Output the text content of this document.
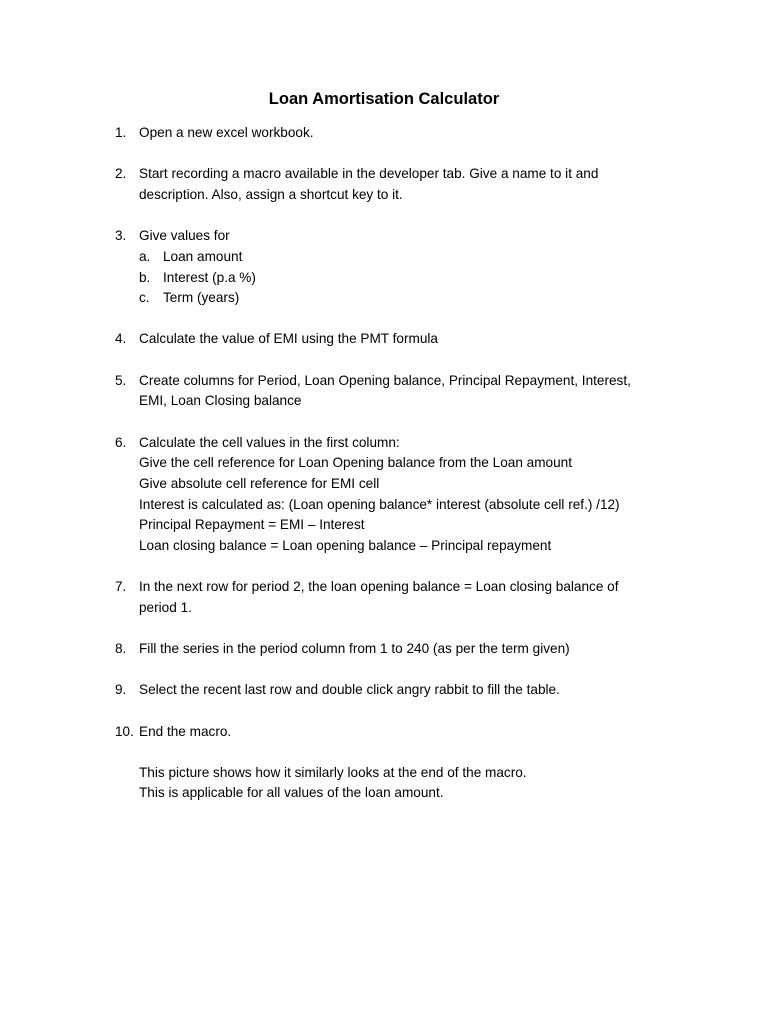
Loan Amortisation Calculator
1. Open a new excel workbook.
2. Start recording a macro available in the developer tab. Give a name to it and
description. Also, assign a shortcut key to it.
3. Give values for
a. Loan amount
b. Interest (p.a %)
c. Term (years)
4. Calculate the value of EMI using the PMT formula
5. Create columns for Period, Loan Opening balance, Principal Repayment, Interest,
EMI, Loan Closing balance
6. Calculate the cell values in the first column:
Give the cell reference for Loan Opening balance from the Loan amount
Give absolute cell reference for EMI cell
Interest is calculated as: (Loan opening balance* interest (absolute cell ref.) /12)
Principal Repayment = EMI – Interest
Loan closing balance = Loan opening balance – Principal repayment
7. In the next row for period 2, the loan opening balance = Loan closing balance of
period 1.
8. Fill the series in the period column from 1 to 240 (as per the term given)
9. Select the recent last row and double click angry rabbit to fill the table.
10. End the macro.
This picture shows how it similarly looks at the end of the macro.
This is applicable for all values of the loan amount.
